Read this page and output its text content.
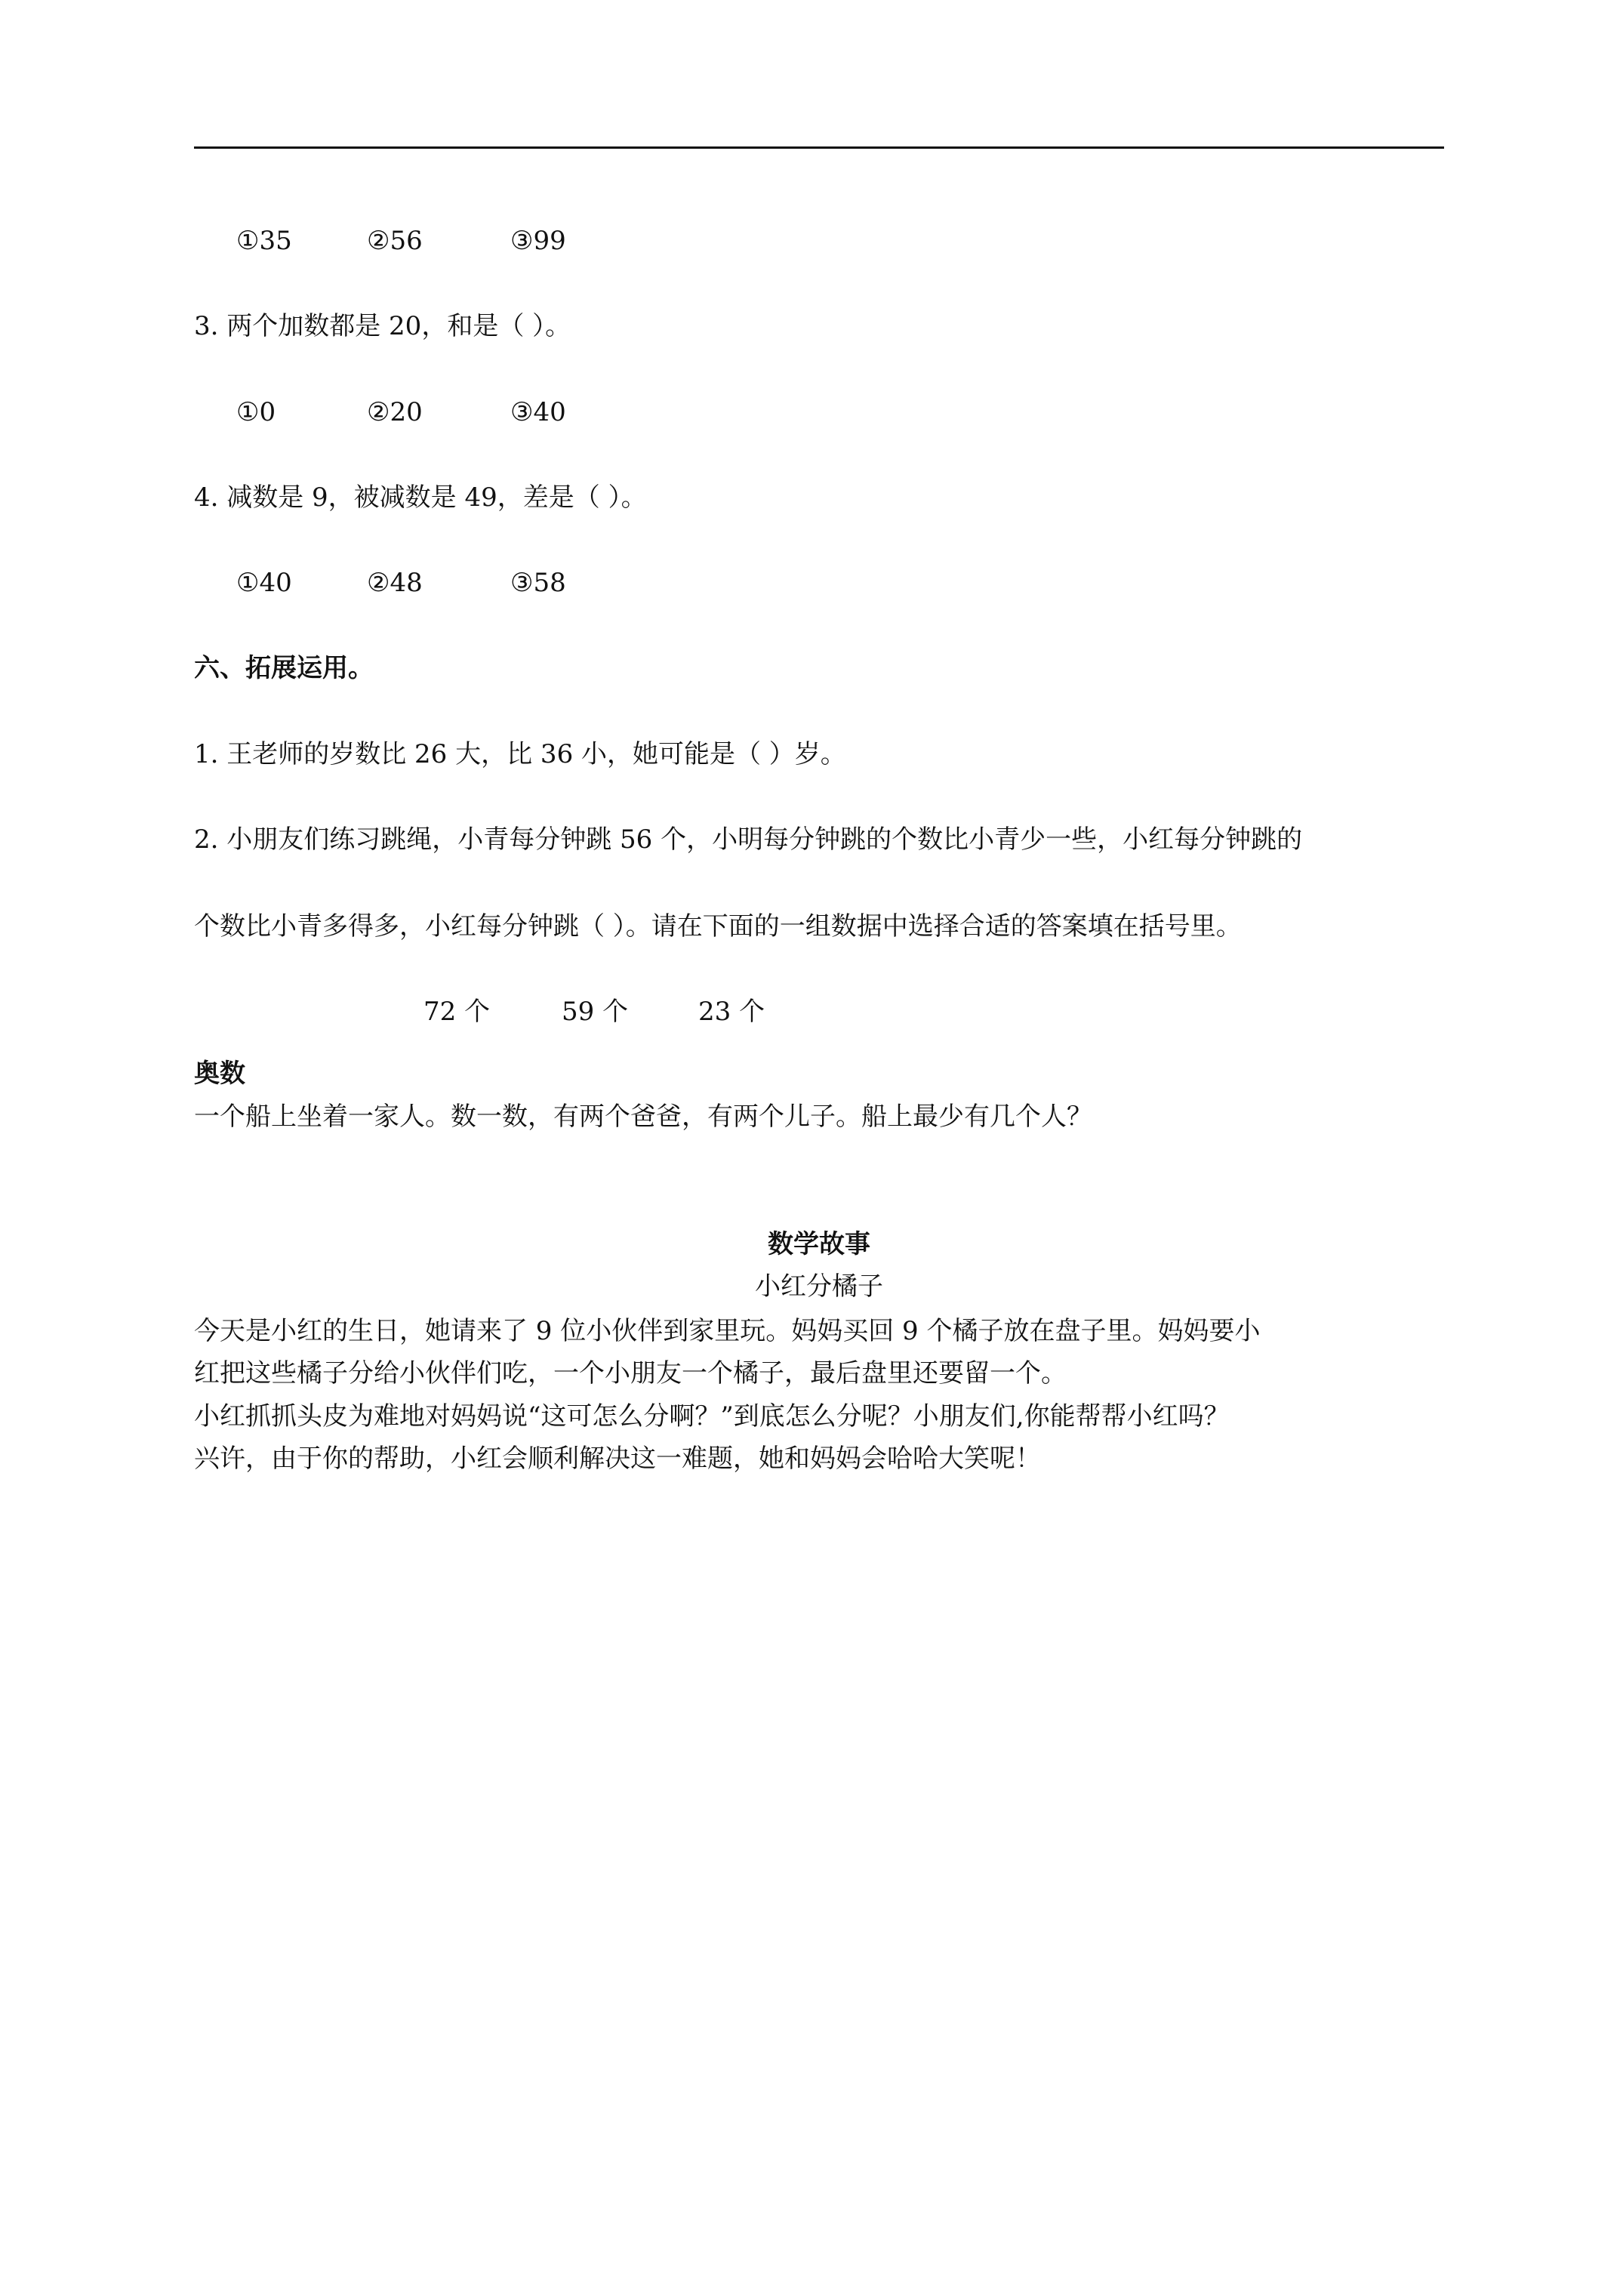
①35	②56	③99
3. 两个加数都是 20，和是（ ）。
①0	②20	③40
4. 减数是 9，被减数是 49，差是（ ）。
①40	②48	③58
六、拓展运用。
1. 王老师的岁数比 26 大，比 36 小，她可能是（ ）岁。
2. 小朋友们练习跳绳，小青每分钟跳 56 个，小明每分钟跳的个数比小青少一些，小红每分钟跳的
个数比小青多得多，小红每分钟跳（ ）。请在下面的一组数据中选择合适的答案填在括号里。
72 个	59 个	23 个
奥数
一个船上坐着一家人。数一数，有两个爸爸，有两个儿子。船上最少有几个人？
数学故事
小红分橘子
今天是小红的生日，她请来了 9 位小伙伴到家里玩。妈妈买回 9 个橘子放在盘子里。妈妈要小
红把这些橘子分给小伙伴们吃，一个小朋友一个橘子，最后盘里还要留一个。
小红抓抓头皮为难地对妈妈说“这可怎么分啊？”到底怎么分呢？小朋友们,你能帮帮小红吗？
兴许，由于你的帮助，小红会顺利解决这一难题，她和妈妈会哈哈大笑呢！
